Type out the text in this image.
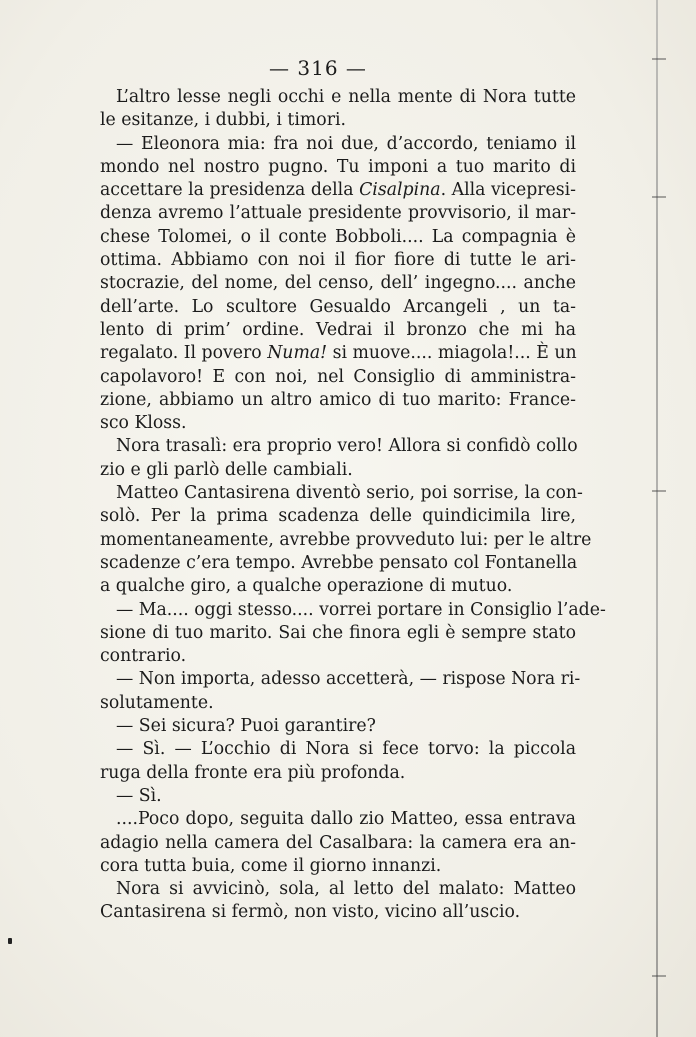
— 316 —
L’altro lesse negli occhi e nella mente di Nora tutte
le esitanze, i dubbi, i timori.
— Eleonora mia: fra noi due, d’accordo, teniamo il
mondo nel nostro pugno. Tu imponi a tuo marito di
accettare la presidenza della Cisalpina. Alla vicepresi-
denza avremo l’attuale presidente provvisorio, il mar-
chese Tolomei, o il conte Bobboli.... La compagnia è
ottima. Abbiamo con noi il fior fiore di tutte le ari-
stocrazie, del nome, del censo, dell’ ingegno.... anche
dell’arte. Lo scultore Gesualdo Arcangeli , un ta-
lento di prim’ ordine. Vedrai il bronzo che mi ha
regalato. Il povero Numa! si muove.... miagola!... È un
capolavoro! E con noi, nel Consiglio di amministra-
zione, abbiamo un altro amico di tuo marito: France-
sco Kloss.
Nora trasalì: era proprio vero! Allora si confidò collo
zio e gli parlò delle cambiali.
Matteo Cantasirena diventò serio, poi sorrise, la con-
solò. Per la prima scadenza delle quindicimila lire,
momentaneamente, avrebbe provveduto lui: per le altre
scadenze c’era tempo. Avrebbe pensato col Fontanella
a qualche giro, a qualche operazione di mutuo.
— Ma.... oggi stesso.... vorrei portare in Consiglio l’ade-
sione di tuo marito. Sai che finora egli è sempre stato
contrario.
— Non importa, adesso accetterà, — rispose Nora ri-
solutamente.
— Sei sicura? Puoi garantire?
— Sì. — L’occhio di Nora si fece torvo: la piccola
ruga della fronte era più profonda.
— Sì.
....Poco dopo, seguita dallo zio Matteo, essa entrava
adagio nella camera del Casalbara: la camera era an-
cora tutta buia, come il giorno innanzi.
Nora si avvicinò, sola, al letto del malato: Matteo
Cantasirena si fermò, non visto, vicino all’uscio.
